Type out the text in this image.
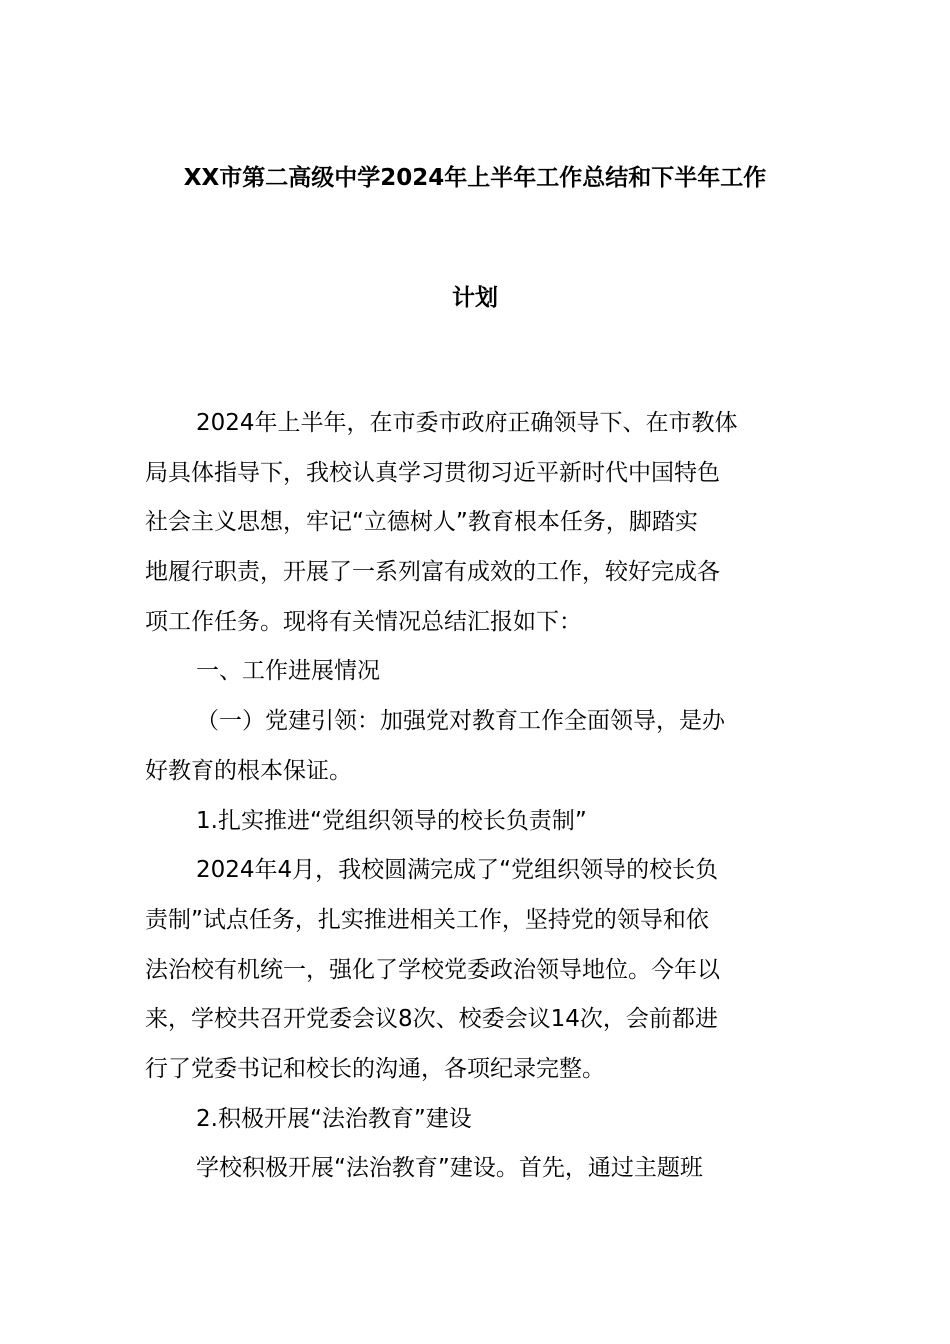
XX市第二高级中学2024年上半年工作总结和下半年工作
计划
2024年上半年，在市委市政府正确领导下、在市教体
局具体指导下，我校认真学习贯彻习近平新时代中国特色
社会主义思想，牢记“立德树人”教育根本任务，脚踏实
地履行职责，开展了一系列富有成效的工作，较好完成各
项工作任务。现将有关情况总结汇报如下：
一、工作进展情况
（一）党建引领：加强党对教育工作全面领导，是办
好教育的根本保证。
1.扎实推进“党组织领导的校长负责制”
2024年4月，我校圆满完成了“党组织领导的校长负
责制”试点任务，扎实推进相关工作，坚持党的领导和依
法治校有机统一，强化了学校党委政治领导地位。今年以
来，学校共召开党委会议8次、校委会议14次，会前都进
行了党委书记和校长的沟通，各项纪录完整。
2.积极开展“法治教育”建设
学校积极开展“法治教育”建设。首先，通过主题班
